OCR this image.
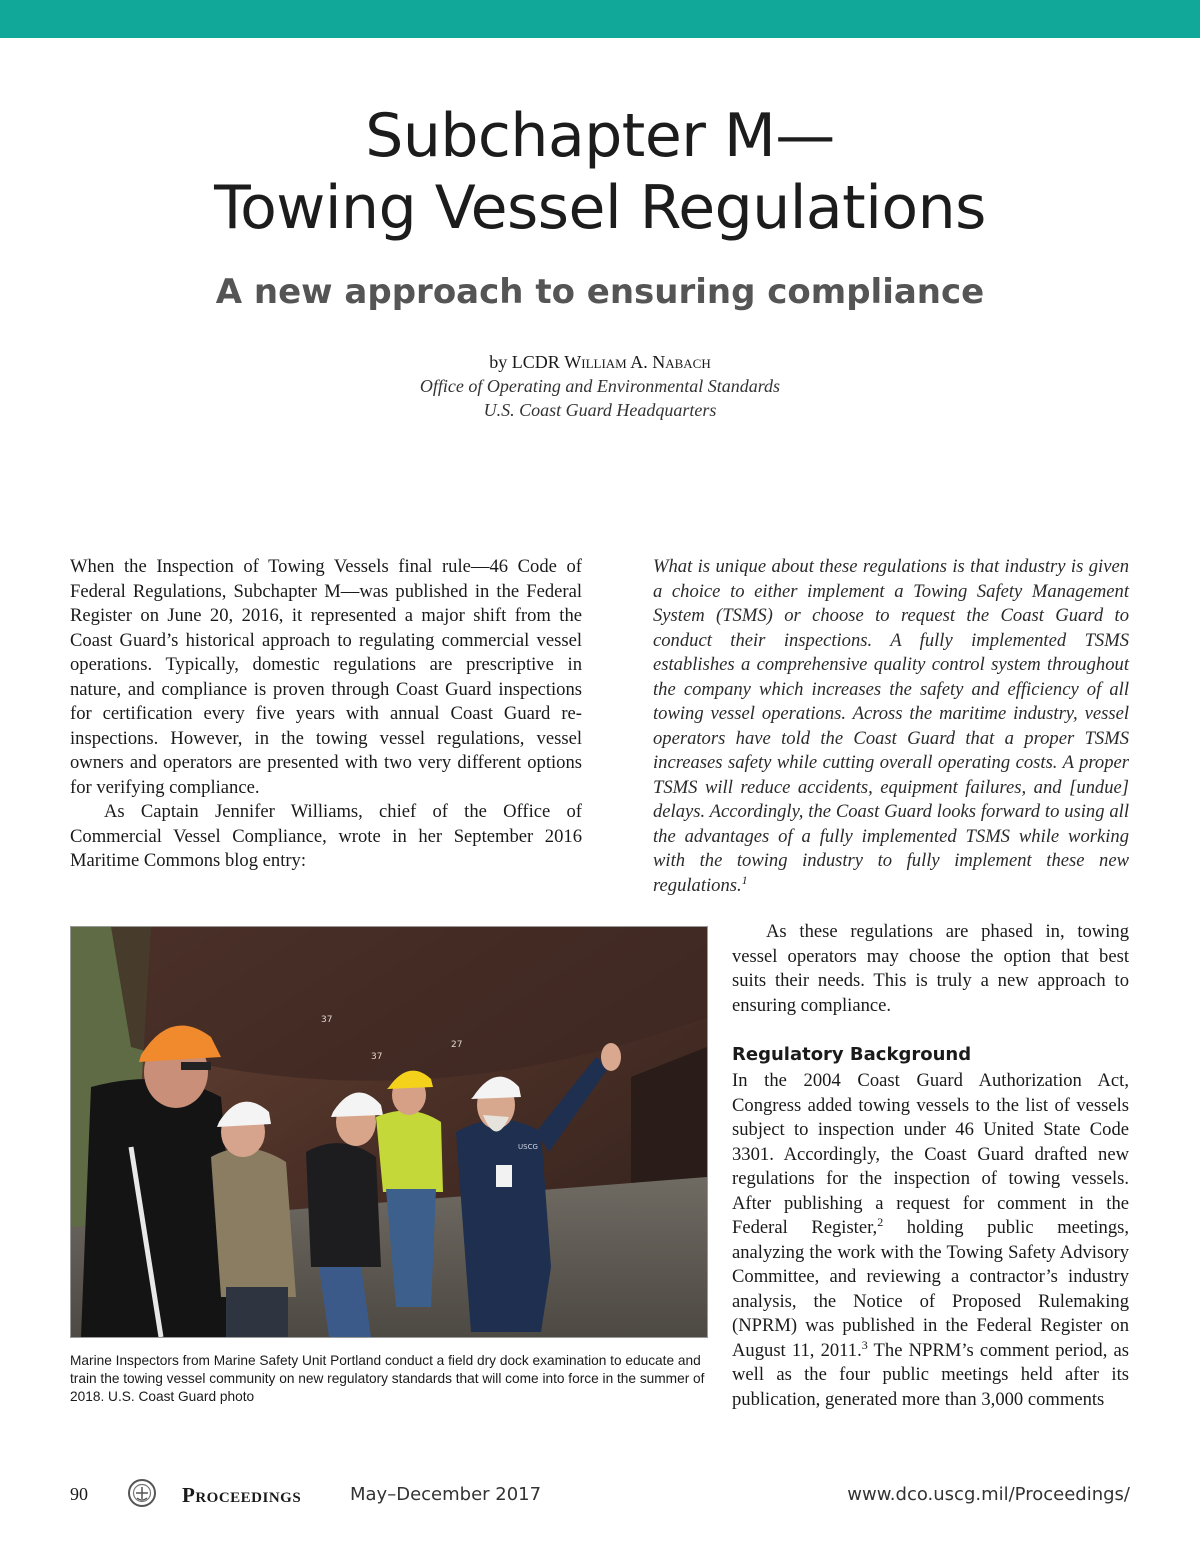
Subchapter M—
Towing Vessel Regulations
A new approach to ensuring compliance
by LCDR William A. Nabach
Office of Operating and Environmental Standards
U.S. Coast Guard Headquarters

When the Inspection of Towing Vessels final rule—46 Code of Federal Regulations, Subchapter M—was published in the Federal Register on June 20, 2016, it represented a major shift from the Coast Guard’s historical approach to regulating commercial vessel operations. Typically, domestic regulations are prescriptive in nature, and compliance is proven through Coast Guard inspections for certification every five years with annual Coast Guard re-inspections. However, in the towing vessel regulations, vessel owners and operators are presented with two very different options for verifying compliance.

As Captain Jennifer Williams, chief of the Office of Commercial Vessel Compliance, wrote in her September 2016 Maritime Commons blog entry:

What is unique about these regulations is that industry is given a choice to either implement a Towing Safety Management System (TSMS) or choose to request the Coast Guard to conduct their inspections. A fully implemented TSMS establishes a comprehensive quality control system throughout the company which increases the safety and efficiency of all towing vessel operations. Across the maritime industry, vessel operators have told the Coast Guard that a proper TSMS increases safety while cutting overall operating costs. A proper TSMS will reduce accidents, equipment failures, and [undue] delays. Accordingly, the Coast Guard looks forward to using all the advantages of a fully implemented TSMS while working with the towing industry to fully implement these new regulations.$^1$

37
37
27
USCG
Marine Inspectors from Marine Safety Unit Portland conduct a field dry dock examination to educate and train the towing vessel community on new regulatory standards that will come into force in the summer of 2018. U.S. Coast Guard photo

As these regulations are phased in, towing vessel operators may choose the option that best suits their needs. This is truly a new approach to ensuring compliance.

Regulatory Background

In the 2004 Coast Guard Authorization Act, Congress added towing vessels to the list of vessels subject to inspection under 46 United State Code 3301. Accordingly, the Coast Guard drafted new regulations for the inspection of towing vessels. After publishing a request for comment in the Federal Register,$^2$ holding public meetings, analyzing the work with the Towing Safety Advisory Committee, and reviewing a contractor’s industry analysis, the Notice of Proposed Rulemaking (NPRM) was published in the Federal Register on August 11, 2011.$^3$ The NPRM’s comment period, as well as the four public meetings held after its publication, generated more than 3,000 comments

90	Proceedings	May–December 2017	www.dco.uscg.mil/Proceedings/
